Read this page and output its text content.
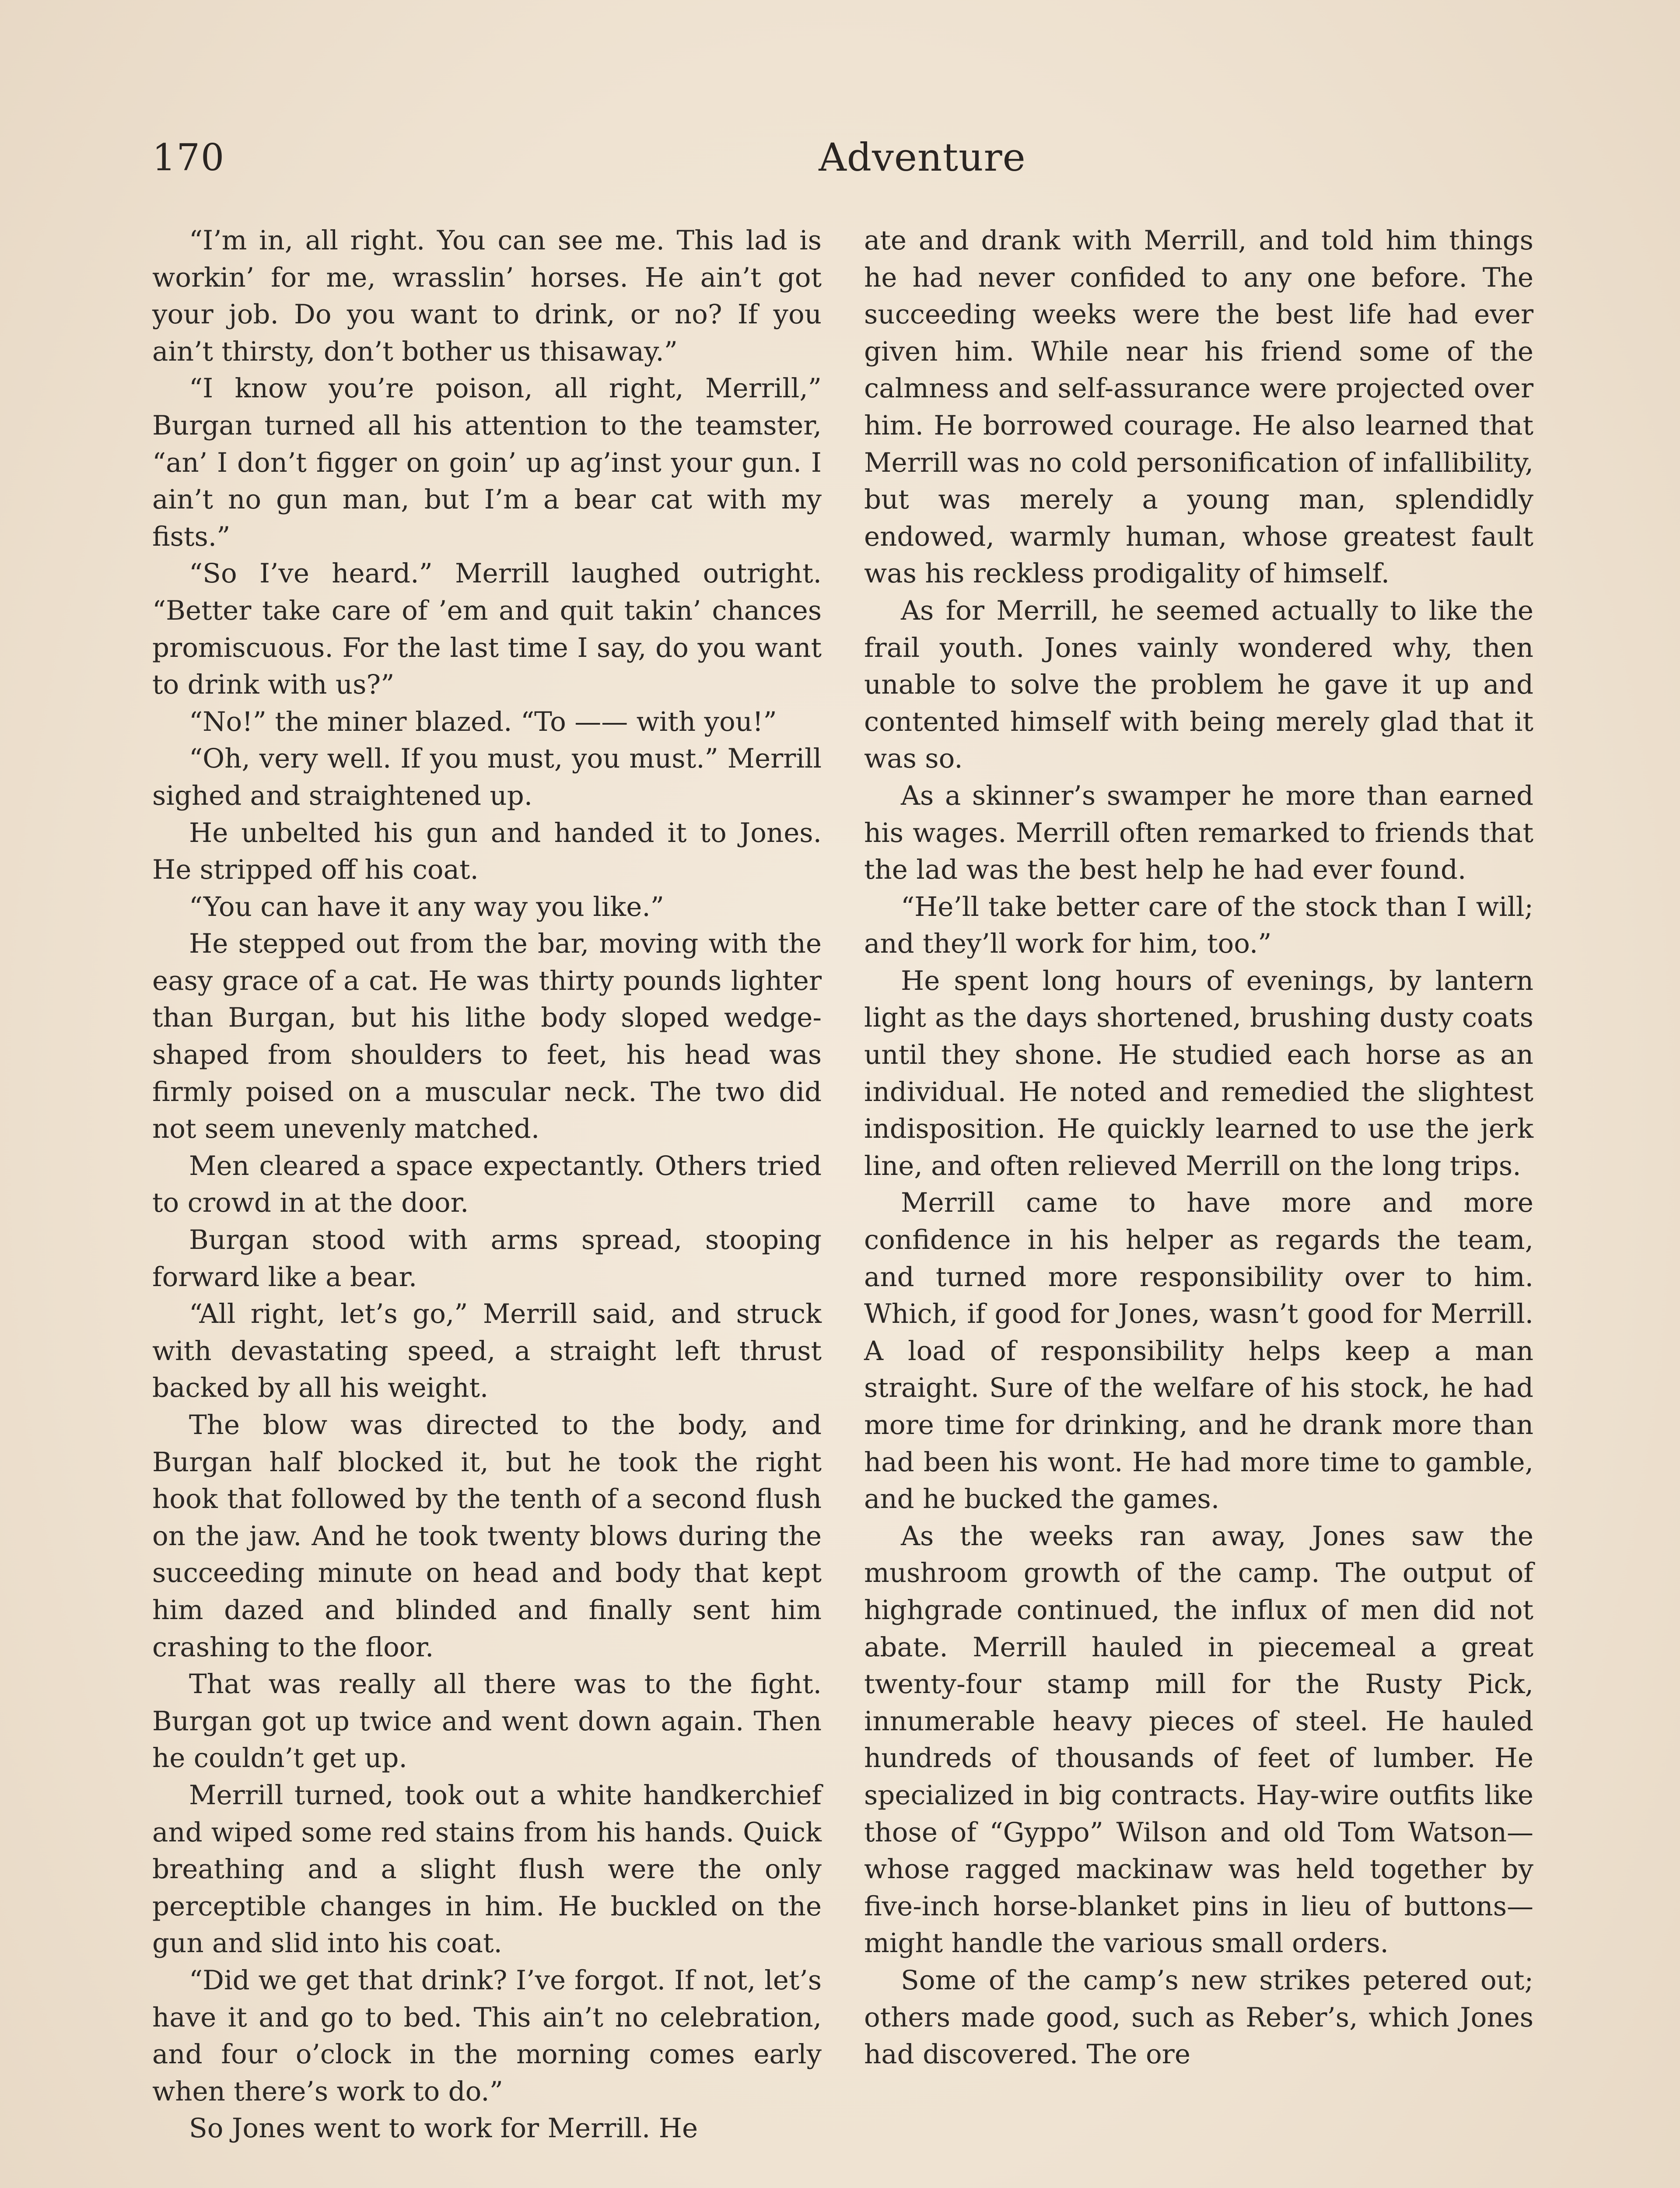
170	Adventure

“I’m in, all right. You can see me. This lad is workin’ for me, wrasslin’ horses. He ain’t got your job. Do you want to drink, or no? If you ain’t thirsty, don’t bother us thisaway.”

“I know you’re poison, all right, Merrill,” Burgan turned all his attention to the teamster, “an’ I don’t figger on goin’ up ag’inst your gun. I ain’t no gun man, but I’m a bear cat with my fists.”

“So I’ve heard.” Merrill laughed outright. “Better take care of ’em and quit takin’ chances promiscuous. For the last time I say, do you want to drink with us?”

“No!” the miner blazed. “To —— with you!”

“Oh, very well. If you must, you must.” Merrill sighed and straightened up.

He unbelted his gun and handed it to Jones. He stripped off his coat.

“You can have it any way you like.”

He stepped out from the bar, moving with the easy grace of a cat. He was thirty pounds lighter than Burgan, but his lithe body sloped wedge-shaped from shoulders to feet, his head was firmly poised on a muscular neck. The two did not seem unevenly matched.

Men cleared a space expectantly. Others tried to crowd in at the door.

Burgan stood with arms spread, stooping forward like a bear.

“All right, let’s go,” Merrill said, and struck with devastating speed, a straight left thrust backed by all his weight.

The blow was directed to the body, and Burgan half blocked it, but he took the right hook that followed by the tenth of a second flush on the jaw. And he took twenty blows during the succeeding minute on head and body that kept him dazed and blinded and finally sent him crashing to the floor.

That was really all there was to the fight. Burgan got up twice and went down again. Then he couldn’t get up.

Merrill turned, took out a white handkerchief and wiped some red stains from his hands. Quick breathing and a slight flush were the only perceptible changes in him. He buckled on the gun and slid into his coat.

“Did we get that drink? I’ve forgot. If not, let’s have it and go to bed. This ain’t no celebration, and four o’clock in the morning comes early when there’s work to do.”

So Jones went to work for Merrill. He

ate and drank with Merrill, and told him things he had never confided to any one before. The succeeding weeks were the best life had ever given him. While near his friend some of the calmness and self-assurance were projected over him. He borrowed courage. He also learned that Merrill was no cold personification of infallibility, but was merely a young man, splendidly endowed, warmly human, whose greatest fault was his reckless prodigality of himself.

As for Merrill, he seemed actually to like the frail youth. Jones vainly wondered why, then unable to solve the problem he gave it up and contented himself with being merely glad that it was so.

As a skinner’s swamper he more than earned his wages. Merrill often remarked to friends that the lad was the best help he had ever found.

“He’ll take better care of the stock than I will; and they’ll work for him, too.”

He spent long hours of evenings, by lantern light as the days shortened, brushing dusty coats until they shone. He studied each horse as an individual. He noted and remedied the slightest indisposition. He quickly learned to use the jerk line, and often relieved Merrill on the long trips.

Merrill came to have more and more confidence in his helper as regards the team, and turned more responsibility over to him. Which, if good for Jones, wasn’t good for Merrill. A load of responsibility helps keep a man straight. Sure of the welfare of his stock, he had more time for drinking, and he drank more than had been his wont. He had more time to gamble, and he bucked the games.

As the weeks ran away, Jones saw the mushroom growth of the camp. The output of highgrade continued, the influx of men did not abate. Merrill hauled in piecemeal a great twenty-four stamp mill for the Rusty Pick, innumerable heavy pieces of steel. He hauled hundreds of thousands of feet of lumber. He specialized in big contracts. Hay-wire outfits like those of “Gyppo” Wilson and old Tom Watson—whose ragged mackinaw was held together by five-inch horse-blanket pins in lieu of buttons—might handle the various small orders.

Some of the camp’s new strikes petered out; others made good, such as Reber’s, which Jones had discovered. The ore
